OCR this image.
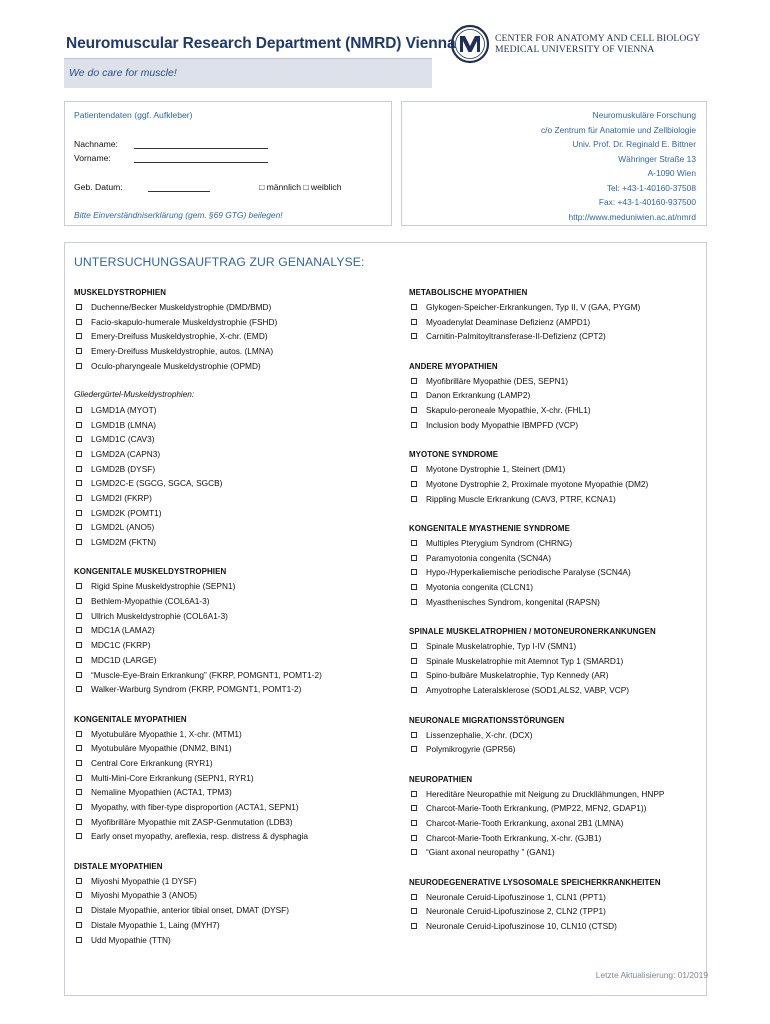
Neuromuscular Research Department (NMRD) Vienna
We do care for muscle!
CENTER FOR ANATOMY AND CELL BIOLOGY
MEDICAL UNIVERSITY OF VIENNA
Patientendaten (ggf. Aufkleber)
Nachname:
Vorname:
Geb. Datum:	□ männlich □ weiblich
Bitte Einverständniserklärung (gem. §69 GTG) beilegen!
Neuromuskuläre Forschung
c/o Zentrum für Anatomie und Zellbiologie
Univ. Prof. Dr. Reginald E. Bittner
Währinger Straße 13
A-1090 Wien
Tel: +43-1-40160-37508
Fax: +43-1-40160-937500
http://www.meduniwien.ac.at/nmrd
UNTERSUCHUNGSAUFTRAG ZUR GENANALYSE:
MUSKELDYSTROPHIEN
Duchenne/Becker Muskeldystrophie (DMD/BMD)
Facio-skapulo-humerale Muskeldystrophie (FSHD)
Emery-Dreifuss Muskeldystrophie, X-chr. (EMD)
Emery-Dreifuss Muskeldystrophie, autos. (LMNA)
Oculo-pharyngeale Muskeldystrophie (OPMD)
Gliedergürtel-Muskeldystrophien:
LGMD1A (MYOT)
LGMD1B (LMNA)
LGMD1C (CAV3)
LGMD2A (CAPN3)
LGMD2B (DYSF)
LGMD2C-E (SGCG, SGCA, SGCB)
LGMD2I (FKRP)
LGMD2K (POMT1)
LGMD2L (ANO5)
LGMD2M (FKTN)
KONGENITALE MUSKELDYSTROPHIEN
Rigid Spine Muskeldystrophie (SEPN1)
Bethlem-Myopathie (COL6A1-3)
Ullrich Muskeldystrophie (COL6A1-3)
MDC1A (LAMA2)
MDC1C (FKRP)
MDC1D (LARGE)
“Muscle-Eye-Brain Erkrankung” (FKRP, POMGNT1, POMT1-2)
Walker-Warburg Syndrom (FKRP, POMGNT1, POMT1-2)
KONGENITALE MYOPATHIEN
Myotubuläre Myopathie 1, X-chr. (MTM1)
Myotubuläre Myopathie (DNM2, BIN1)
Central Core Erkrankung (RYR1)
Multi-Mini-Core Erkrankung (SEPN1, RYR1)
Nemaline Myopathien (ACTA1, TPM3)
Myopathy, with fiber-type disproportion (ACTA1, SEPN1)
Myofibrilläre Myopathie mit ZASP-Genmutation (LDB3)
Early onset myopathy, areflexia, resp. distress & dysphagia
DISTALE MYOPATHIEN
Miyoshi Myopathie (1 DYSF)
Miyoshi Myopathie 3 (ANO5)
Distale Myopathie, anterior tibial onset, DMAT (DYSF)
Distale Myopathie 1, Laing (MYH7)
Udd Myopathie (TTN)
METABOLISCHE MYOPATHIEN
Glykogen-Speicher-Erkrankungen, Typ II, V (GAA, PYGM)
Myoadenylat Deaminase Defizienz (AMPD1)
Carnitin-Palmitoyltransferase-II-Defizienz (CPT2)
ANDERE MYOPATHIEN
Myofibrilläre Myopathie (DES, SEPN1)
Danon Erkrankung (LAMP2)
Skapulo-peroneale Myopathie, X-chr. (FHL1)
Inclusion body Myopathie IBMPFD (VCP)
MYOTONE SYNDROME
Myotone Dystrophie 1, Steinert (DM1)
Myotone Dystrophie 2, Proximale myotone Myopathie (DM2)
Rippling Muscle Erkrankung (CAV3, PTRF, KCNA1)
KONGENITALE MYASTHENIE SYNDROME
Multiples Pterygium Syndrom (CHRNG)
Paramyotonia congenita (SCN4A)
Hypo-/Hyperkaliemische periodische Paralyse (SCN4A)
Myotonia congenita (CLCN1)
Myasthenisches Syndrom, kongenital (RAPSN)
SPINALE MUSKELATROPHIEN / MOTONEURONERKANKUNGEN
Spinale Muskelatrophie, Typ I-IV (SMN1)
Spinale Muskelatrophie mit Atemnot Typ 1 (SMARD1)
Spino-bulbäre Muskelatrophie, Typ Kennedy (AR)
Amyotrophe Lateralsklerose (SOD1,ALS2, VABP, VCP)
NEURONALE MIGRATIONSSTÖRUNGEN
Lissenzephalie, X-chr. (DCX)
Polymikrogyrie (GPR56)
NEUROPATHIEN
Hereditäre Neuropathie mit Neigung zu Druckllähmungen, HNPP
Charcot-Marie-Tooth Erkrankung, (PMP22, MFN2, GDAP1))
Charcot-Marie-Tooth Erkrankung, axonal 2B1 (LMNA)
Charcot-Marie-Tooth Erkrankung, X-chr. (GJB1)
“Giant axonal neuropathy ” (GAN1)
NEURODEGENERATIVE LYSOSOMALE SPEICHERKRANKHEITEN
Neuronale Ceruid-Lipofuszinose 1, CLN1 (PPT1)
Neuronale Ceruid-Lipofuszinose 2, CLN2 (TPP1)
Neuronale Ceruid-Lipofuszinose 10, CLN10 (CTSD)
Letzte Aktualisierung: 01/2019
